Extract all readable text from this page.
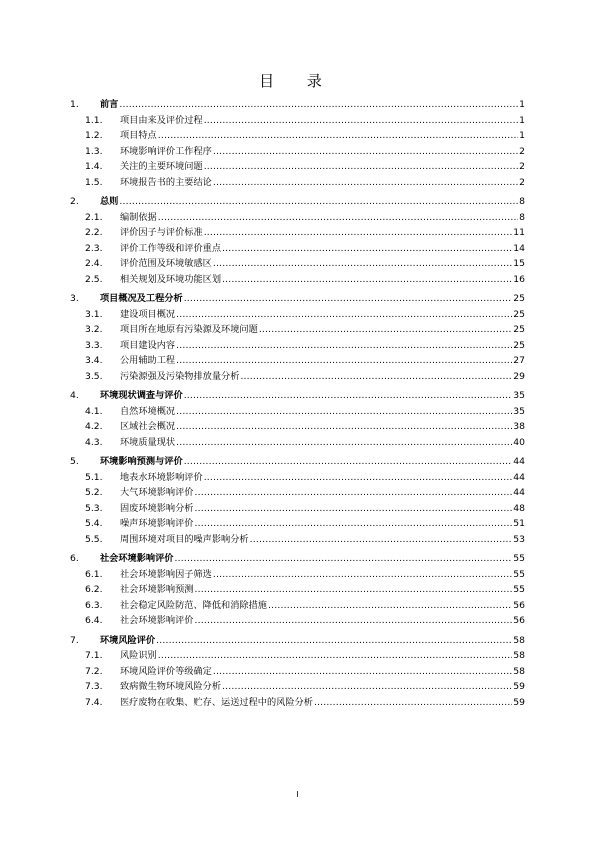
目 录
1.	前言 .....	1
1.1.	项目由来及评价过程 .....	1
1.2.	项目特点 .....	1
1.3.	环境影响评价工作程序 .....	2
1.4.	关注的主要环境问题 .....	2
1.5.	环境报告书的主要结论 .....	2
2.	总则 .....	8
2.1.	编制依据 .....	8
2.2.	评价因子与评价标准 .....	11
2.3.	评价工作等级和评价重点 .....	14
2.4.	评价范围及环境敏感区 .....	15
2.5.	相关规划及环境功能区划 .....	16
3.	项目概况及工程分析 .....	25
3.1.	建设项目概况 .....	25
3.2.	项目所在地原有污染源及环境问题 .....	25
3.3.	项目建设内容 .....	25
3.4.	公用辅助工程 .....	27
3.5.	污染源强及污染物排放量分析 .....	29
4.	环境现状调查与评价 .....	35
4.1.	自然环境概况 .....	35
4.2.	区域社会概况 .....	38
4.3.	环境质量现状 .....	40
5.	环境影响预测与评价 .....	44
5.1.	地表水环境影响评价 .....	44
5.2.	大气环境影响评价 .....	44
5.3.	固废环境影响分析 .....	48
5.4.	噪声环境影响评价 .....	51
5.5.	周围环境对项目的噪声影响分析 .....	53
6.	社会环境影响评价 .....	55
6.1.	社会环境影响因子筛选 .....	55
6.2.	社会环境影响预测 .....	55
6.3.	社会稳定风险防范、降低和消除措施 .....	56
6.4.	社会环境影响评价 .....	56
7.	环境风险评价 .....	58
7.1.	风险识别 .....	58
7.2.	环境风险评价等级确定 .....	58
7.3.	致病微生物环境风险分析 .....	59
7.4.	医疗废物在收集、贮存、运送过程中的风险分析 .....	59
I
